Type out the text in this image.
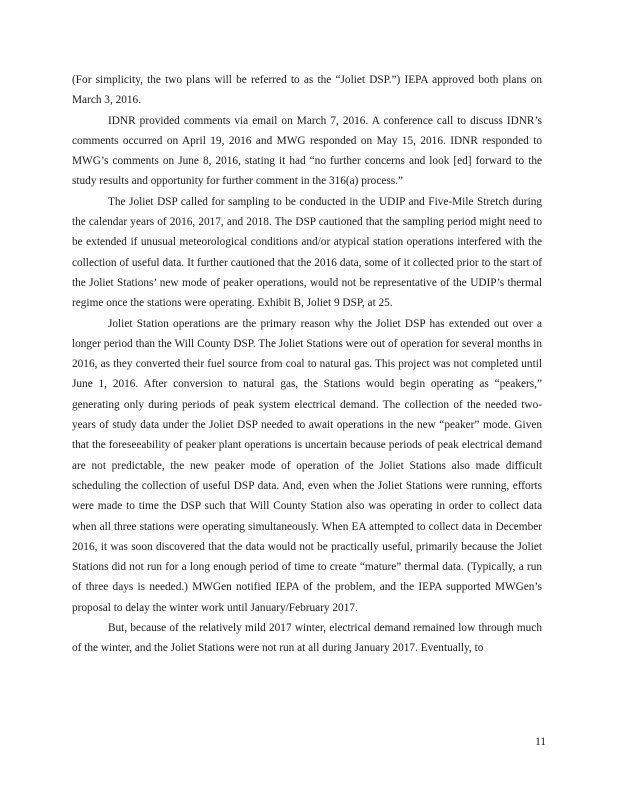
(For simplicity, the two plans will be referred to as the “Joliet DSP.”) IEPA approved both plans on March 3, 2016.

IDNR provided comments via email on March 7, 2016. A conference call to discuss IDNR’s comments occurred on April 19, 2016 and MWG responded on May 15, 2016. IDNR responded to MWG’s comments on June 8, 2016, stating it had “no further concerns and look [ed] forward to the study results and opportunity for further comment in the 316(a) process.”

The Joliet DSP called for sampling to be conducted in the UDIP and Five-Mile Stretch during the calendar years of 2016, 2017, and 2018. The DSP cautioned that the sampling period might need to be extended if unusual meteorological conditions and/or atypical station operations interfered with the collection of useful data. It further cautioned that the 2016 data, some of it collected prior to the start of the Joliet Stations’ new mode of peaker operations, would not be representative of the UDIP’s thermal regime once the stations were operating. Exhibit B, Joliet 9 DSP, at 25.

Joliet Station operations are the primary reason why the Joliet DSP has extended out over a longer period than the Will County DSP. The Joliet Stations were out of operation for several months in 2016, as they converted their fuel source from coal to natural gas. This project was not completed until June 1, 2016. After conversion to natural gas, the Stations would begin operating as “peakers,” generating only during periods of peak system electrical demand. The collection of the needed two-years of study data under the Joliet DSP needed to await operations in the new “peaker” mode. Given that the foreseeability of peaker plant operations is uncertain because periods of peak electrical demand are not predictable, the new peaker mode of operation of the Joliet Stations also made difficult scheduling the collection of useful DSP data. And, even when the Joliet Stations were running, efforts were made to time the DSP such that Will County Station also was operating in order to collect data when all three stations were operating simultaneously. When EA attempted to collect data in December 2016, it was soon discovered that the data would not be practically useful, primarily because the Joliet Stations did not run for a long enough period of time to create “mature” thermal data. (Typically, a run of three days is needed.) MWGen notified IEPA of the problem, and the IEPA supported MWGen’s proposal to delay the winter work until January/February 2017.

But, because of the relatively mild 2017 winter, electrical demand remained low through much of the winter, and the Joliet Stations were not run at all during January 2017. Eventually, to

11
